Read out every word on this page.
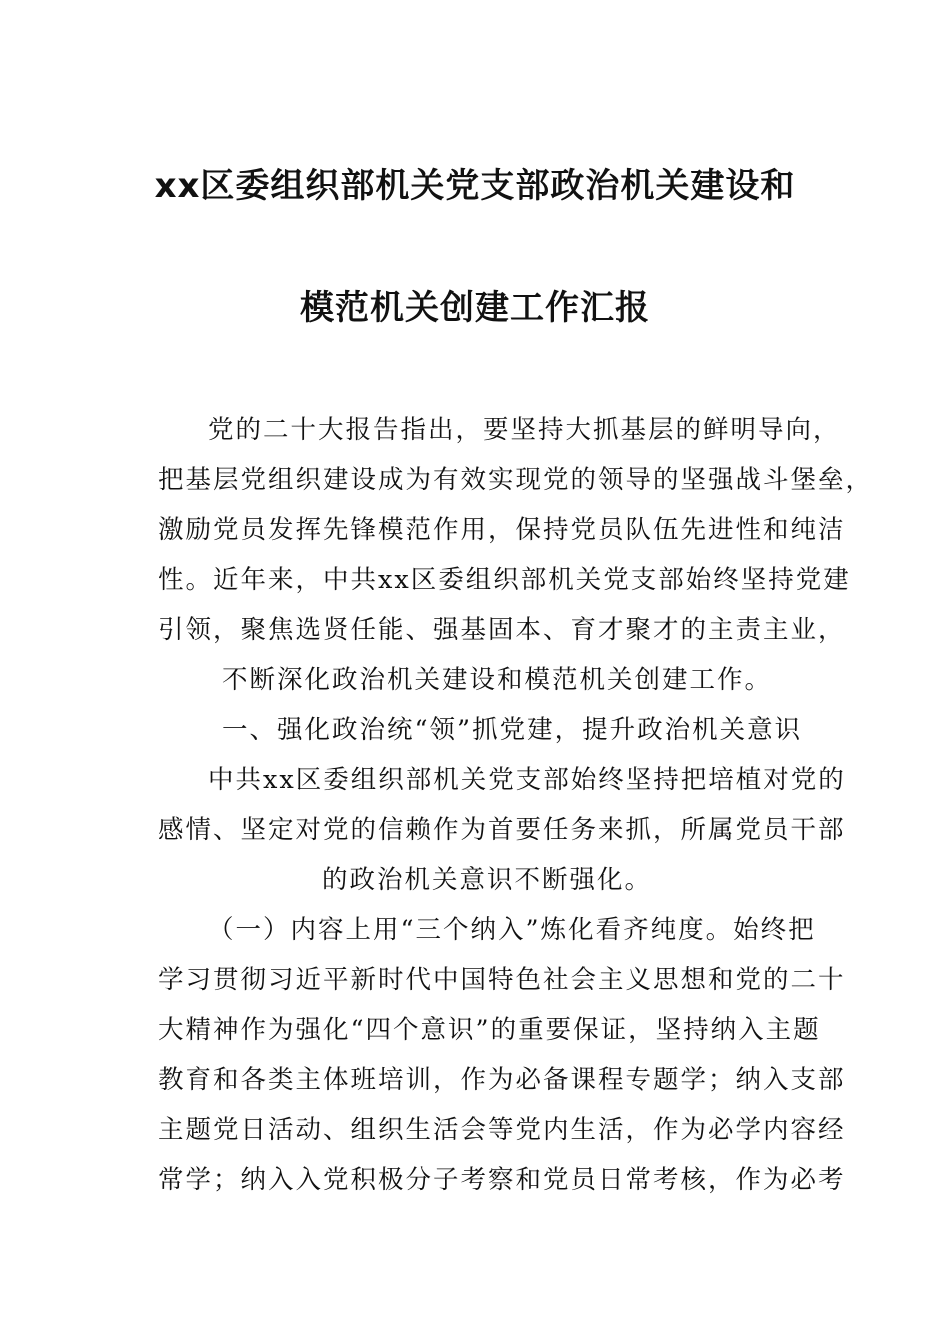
xx区委组织部机关党支部政治机关建设和
模范机关创建工作汇报
党的二十大报告指出，要坚持大抓基层的鲜明导向，
把基层党组织建设成为有效实现党的领导的坚强战斗堡垒，
激励党员发挥先锋模范作用，保持党员队伍先进性和纯洁
性。近年来，中共xx区委组织部机关党支部始终坚持党建
引领，聚焦选贤任能、强基固本、育才聚才的主责主业，
不断深化政治机关建设和模范机关创建工作。
一、强化政治统“领”抓党建，提升政治机关意识
中共xx区委组织部机关党支部始终坚持把培植对党的
感情、坚定对党的信赖作为首要任务来抓，所属党员干部
的政治机关意识不断强化。
（一）内容上用“三个纳入”炼化看齐纯度。始终把
学习贯彻习近平新时代中国特色社会主义思想和党的二十
大精神作为强化“四个意识”的重要保证，坚持纳入主题
教育和各类主体班培训，作为必备课程专题学；纳入支部
主题党日活动、组织生活会等党内生活，作为必学内容经
常学；纳入入党积极分子考察和党员日常考核，作为必考
